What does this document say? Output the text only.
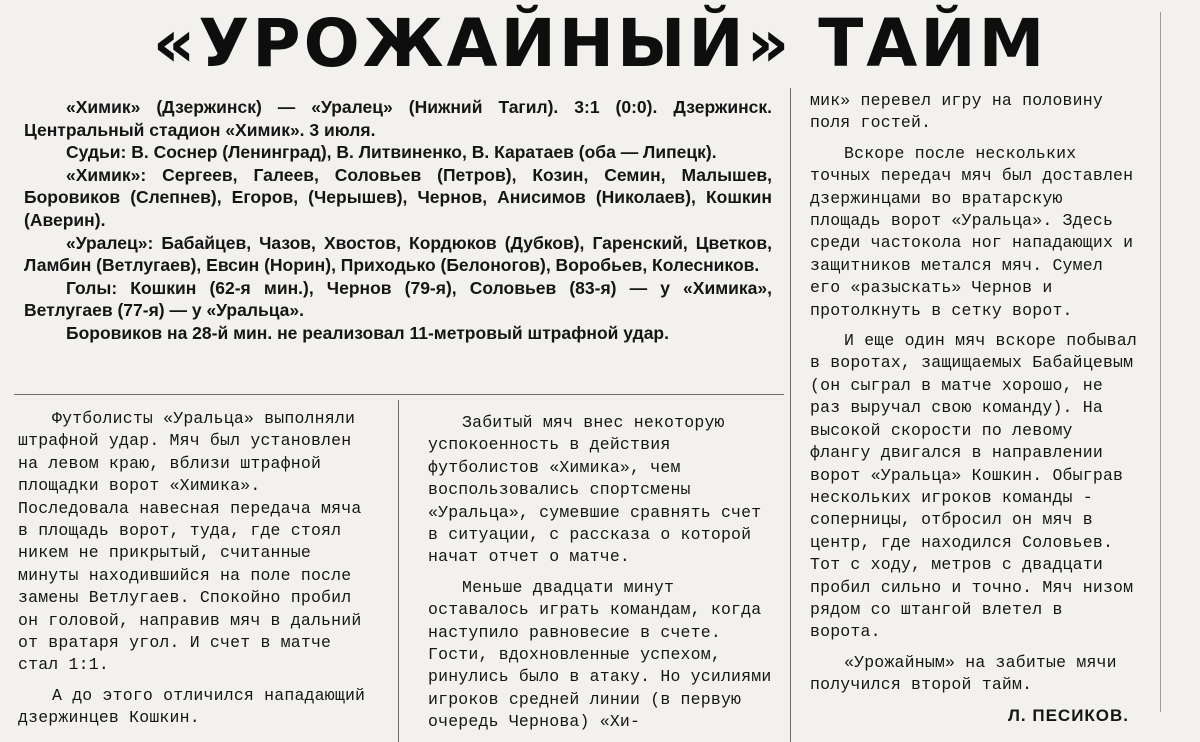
«УРОЖАЙНЫЙ» ТАЙМ

«Химик» (Дзержинск) — «Уралец» (Нижний Тагил). 3:1 (0:0). Дзержинск. Центральный стадион «Химик». 3 июля.

Судьи: В. Соснер (Ленинград), В. Литвиненко, В. Каратаев (оба — Липецк).

«Химик»: Сергеев, Галеев, Соловьев (Петров), Козин, Семин, Малышев, Боровиков (Слепнев), Егоров, (Черышев), Чернов, Анисимов (Николаев), Кошкин (Аверин).

«Уралец»: Бабайцев, Чазов, Хвостов, Кордюков (Дубков), Гаренский, Цветков, Ламбин (Ветлугаев), Евсин (Норин), Приходько (Белоногов), Воробьев, Колесников.

Голы: Кошкин (62-я мин.), Чернов (79-я), Соловьев (83-я) — у «Химика», Ветлугаев (77-я) — у «Уральца».

Боровиков на 28-й мин. не реализовал 11-метровый штрафной удар.

Футболисты «Уральца» выполняли штрафной удар. Мяч был установлен на левом краю, вблизи штрафной площадки ворот «Химика». Последовала навесная передача мяча в площадь ворот, туда, где стоял никем не прикрытый, считанные минуты находившийся на поле после замены Ветлугаев. Спокойно пробил он головой, направив мяч в дальний от вратаря угол. И счет в матче стал 1:1.

А до этого отличился нападающий дзержинцев Кошкин.

Забитый мяч внес некоторую успокоенность в действия футболистов «Химика», чем воспользовались спортсмены «Уральца», сумевшие сравнять счет в ситуации, с рассказа о которой начат отчет о матче.

Меньше двадцати минут оставалось играть командам, когда наступило равновесие в счете. Гости, вдохновленные успехом, ринулись было в атаку. Но усилиями игроков средней линии (в первую очередь Чернова) «Хи-

мик» перевел игру на половину поля гостей.

Вскоре после нескольких точных передач мяч был доставлен дзержинцами во вратарскую площадь ворот «Уральца». Здесь среди частокола ног нападающих и защитников метался мяч. Сумел его «разыскать» Чернов и протолкнуть в сетку ворот.

И еще один мяч вскоре побывал в воротах, защищаемых Бабайцевым (он сыграл в матче хорошо, не раз выручал свою команду). На высокой скорости по левому флангу двигался в направлении ворот «Уральца» Кошкин. Обыграв нескольких игроков команды - соперницы, отбросил он мяч в центр, где находился Соловьев. Тот с ходу, метров с двадцати пробил сильно и точно. Мяч низом рядом со штангой влетел в ворота.

«Урожайным» на забитые мячи получился второй тайм.

Л. ПЕСИКОВ.
